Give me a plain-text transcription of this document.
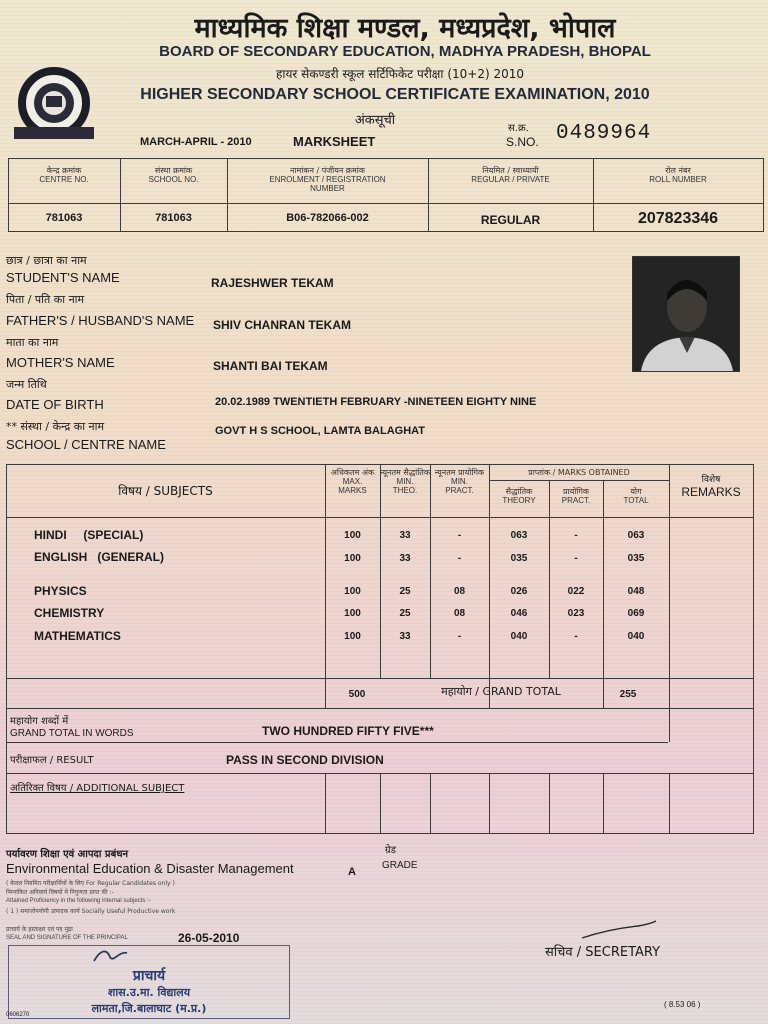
माध्यमिक शिक्षा मण्डल, मध्यप्रदेश, भोपाल
BOARD OF SECONDARY EDUCATION, MADHYA PRADESH, BHOPAL
हायर सेकण्डरी स्कूल सर्टिफिकेट परीक्षा (10+2) 2010
HIGHER SECONDARY SCHOOL CERTIFICATE EXAMINATION, 2010
अंकसूची
MARCH-APRIL - 2010	MARKSHEET
स.क्र.
S.NO. 0489964
केन्द्र क्रमांक
CENTRE NO.
संस्था क्रमांक
SCHOOL NO.
नामांकन / पंजीयन क्रमांक
ENROLMENT / REGISTRATION NUMBER
नियमित / स्वाध्यायी
REGULAR / PRIVATE
रोल नंबर
ROLL NUMBER
781063	781063	B06-782066-002	REGULAR	207823346
छात्र / छात्रा का नाम
STUDENT'S NAME	RAJESHWER TEKAM
पिता / पति का नाम
FATHER'S / HUSBAND'S NAME SHIV CHANRAN TEKAM
माता का नाम
MOTHER'S NAME	SHANTI BAI TEKAM
जन्म तिथि
DATE OF BIRTH	20.02.1989 TWENTIETH FEBRUARY -NINETEEN EIGHTY NINE
** संस्था / केन्द्र का नाम
SCHOOL / CENTRE NAME
GOVT H S SCHOOL, LAMTA BALAGHAT
विषय / SUBJECTS
अधिकतम अंक
MAX. MARKS
न्यूनतम सैद्धांतिक
MIN. THEO.
न्यूनतम प्रायोगिक
MIN. PRACT.
प्राप्तांक / MARKS OBTAINED
सैद्धांतिक
THEORY
प्रायोगिक
PRACT.
योग
TOTAL
विशेष
REMARKS
HINDI     (SPECIAL)	100	33	-	063	-	063
ENGLISH   (GENERAL)	100	33	-	035	-	035
PHYSICS	100	25	08	026	022	048
CHEMISTRY	100	25	08	046	023	069
MATHEMATICS	100	33	-	040	-	040
500	महायोग / GRAND TOTAL	255
महायोग शब्दों में
GRAND TOTAL IN WORDS	TWO HUNDRED FIFTY FIVE***
परीक्षाफल / RESULT	PASS IN SECOND DIVISION
अतिरिक्त विषय / ADDITIONAL SUBJECT
पर्यावरण शिक्षा एवं आपदा प्रबंधन
Environmental Education & Disaster Management	A
ग्रेड
GRADE
( केवल नियमित परीक्षार्थियों के लिए For Regular Candidates only )
निम्नांकित अनिवार्य विषयों में निपुणता प्राप्त की :-
Attained Proficiency in the following internal subjects :-
( 1 ) समाजोपयोगी उत्पादक कार्य Socially Useful Productive work
प्राचार्य के हस्ताक्षर एवं पद मुद्रा
SEAL AND SIGNATURE OF THE PRINCIPAL	26-05-2010
प्राचार्य
शास.उ.मा. विद्यालय
लामता,जि.बालाघाट (म.प्र.)
सचिव / SECRETARY
0606270
( 8.53 06 )
